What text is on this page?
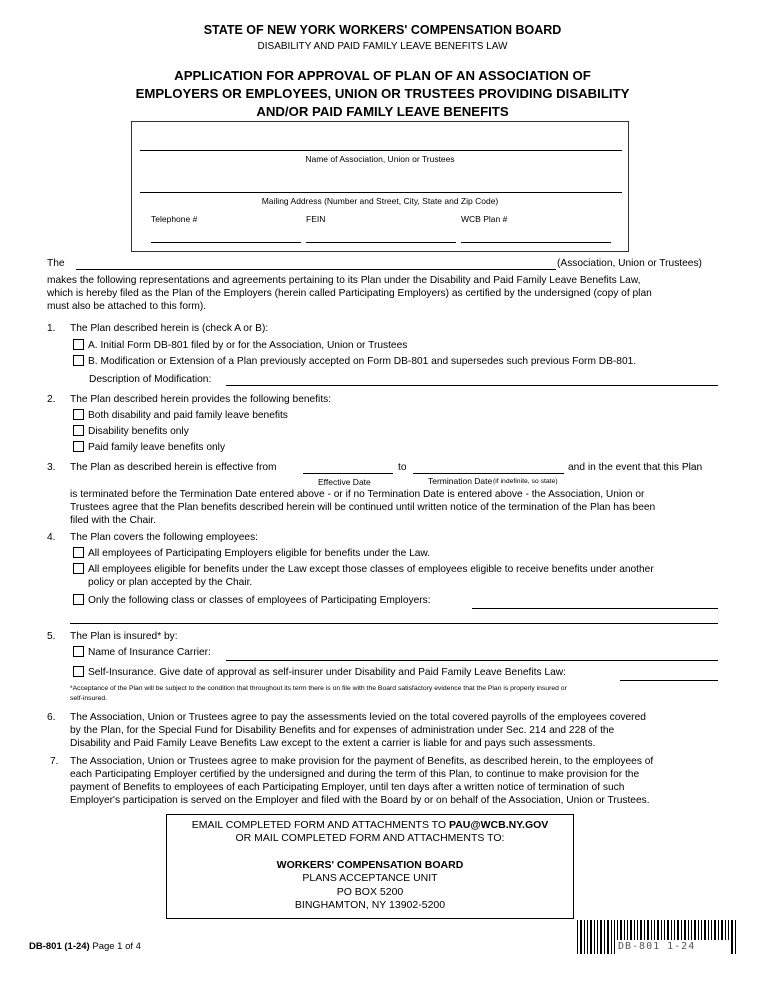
STATE OF NEW YORK WORKERS' COMPENSATION BOARD
DISABILITY AND PAID FAMILY LEAVE BENEFITS LAW
APPLICATION FOR APPROVAL OF PLAN OF AN ASSOCIATION OF
EMPLOYERS OR EMPLOYEES, UNION OR TRUSTEES PROVIDING DISABILITY
AND/OR PAID FAMILY LEAVE BENEFITS
Name of Association, Union or Trustees
Mailing Address (Number and Street, City, State and Zip Code)
Telephone #	FEIN	WCB Plan #
The	(Association, Union or Trustees)
makes the following representations and agreements pertaining to its Plan under the Disability and Paid Family Leave Benefits Law,
which is hereby filed as the Plan of the Employers (herein called Participating Employers) as certified by the undersigned (copy of plan
must also be attached to this form).
1. The Plan described herein is (check A or B):
A. Initial Form DB-801 filed by or for the Association, Union or Trustees
B. Modification or Extension of a Plan previously accepted on Form DB-801 and supersedes such previous Form DB-801.
Description of Modification:
2. The Plan described herein provides the following benefits:
Both disability and paid family leave benefits
Disability benefits only
Paid family leave benefits only
3. The Plan as described herein is effective from	to	and in the event that this Plan
Effective Date	Termination Date (if indefinite, so state)
is terminated before the Termination Date entered above - or if no Termination Date is entered above - the Association, Union or
Trustees agree that the Plan benefits described herein will be continued until written notice of the termination of the Plan has been
filed with the Chair.
4. The Plan covers the following employees:
All employees of Participating Employers eligible for benefits under the Law.
All employees eligible for benefits under the Law except those classes of employees eligible to receive benefits under another
policy or plan accepted by the Chair.
Only the following class or classes of employees of Participating Employers:
5. The Plan is insured* by:
Name of Insurance Carrier:
Self-Insurance. Give date of approval as self-insurer under Disability and Paid Family Leave Benefits Law:
*Acceptance of the Plan will be subject to the condition that throughout its term there is on file with the Board satisfactory evidence that the Plan is properly insured or
self-insured.
6. The Association, Union or Trustees agree to pay the assessments levied on the total covered payrolls of the employees covered
by the Plan, for the Special Fund for Disability Benefits and for expenses of administration under Sec. 214 and 228 of the
Disability and Paid Family Leave Benefits Law except to the extent a carrier is liable for and pays such assessments.
7. The Association, Union or Trustees agree to make provision for the payment of Benefits, as described herein, to the employees of
each Participating Employer certified by the undersigned and during the term of this Plan, to continue to make provision for the
payment of Benefits to employees of each Participating Employer, until ten days after a written notice of termination of such
Employer's participation is served on the Employer and filed with the Board by or on behalf of the Association, Union or Trustees.
EMAIL COMPLETED FORM AND ATTACHMENTS TO PAU@WCB.NY.GOV
OR MAIL COMPLETED FORM AND ATTACHMENTS TO:
WORKERS' COMPENSATION BOARD
PLANS ACCEPTANCE UNIT
PO BOX 5200
BINGHAMTON, NY 13902-5200
DB-801 (1-24) Page 1 of 4	DB-801 1-24
